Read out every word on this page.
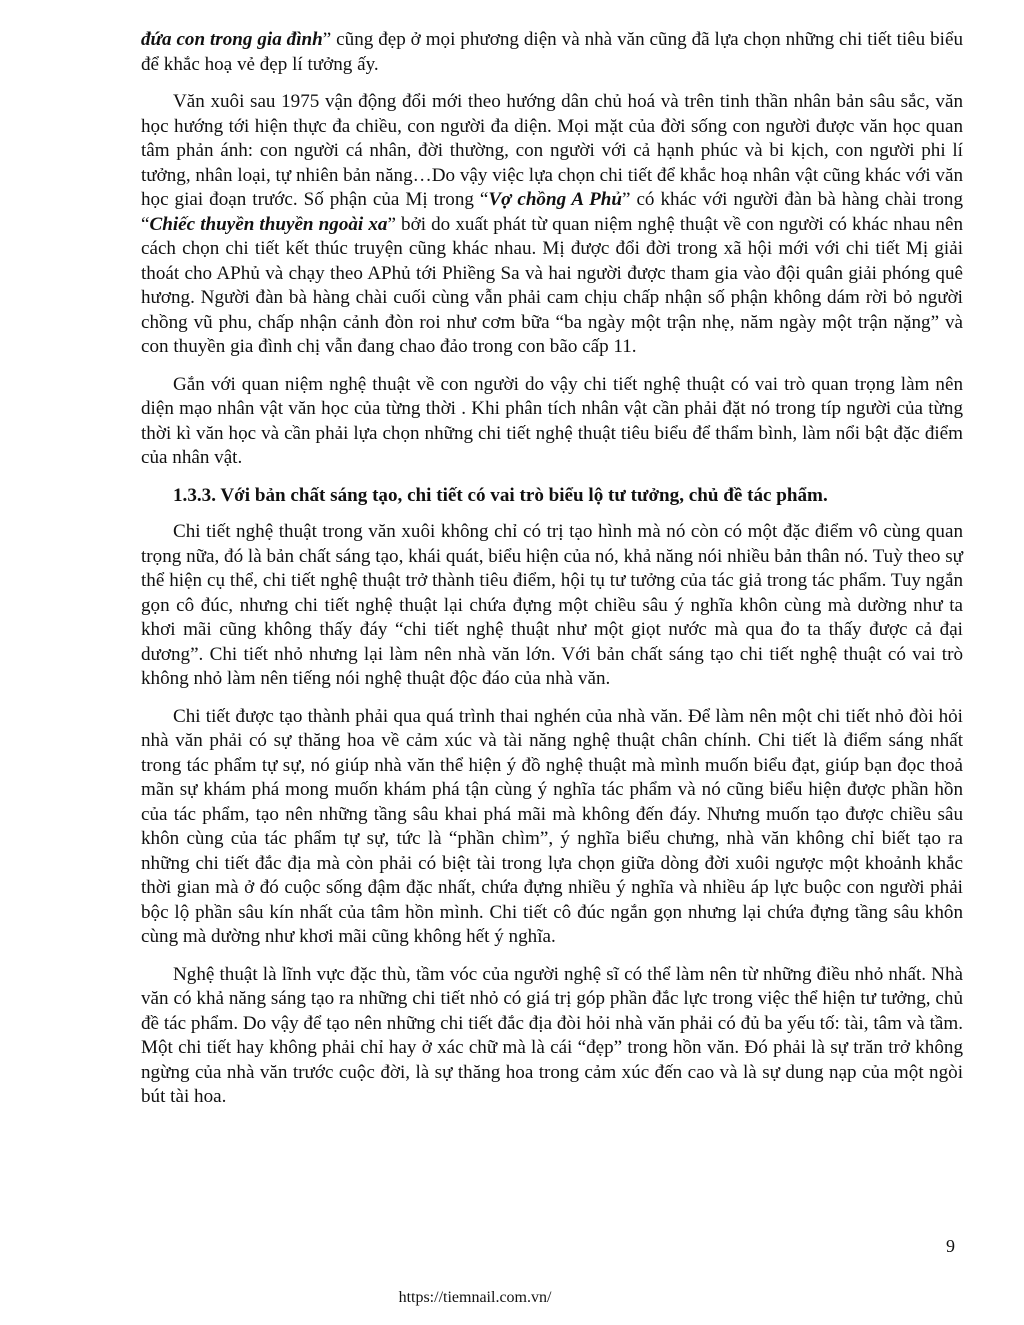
đứa con trong gia đình” cũng đẹp ở mọi phương diện và nhà văn cũng đã lựa chọn những chi tiết tiêu biểu để khắc hoạ vẻ đẹp lí tưởng ấy.

Văn xuôi sau 1975 vận động đổi mới theo hướng dân chủ hoá và trên tinh thần nhân bản sâu sắc, văn học hướng tới hiện thực đa chiều, con người đa diện. Mọi mặt của đời sống con người được văn học quan tâm phản ánh: con người cá nhân, đời thường, con người với cả hạnh phúc và bi kịch, con người phi lí tưởng, nhân loại, tự nhiên bản năng…Do vậy việc lựa chọn chi tiết để khắc hoạ nhân vật cũng khác với văn học giai đoạn trước. Số phận của Mị trong “Vợ chồng A Phủ” có khác với người đàn bà hàng chài trong “Chiếc thuyền thuyền ngoài xa” bởi do xuất phát từ quan niệm nghệ thuật về con người có khác nhau nên cách chọn chi tiết kết thúc truyện cũng khác nhau. Mị được đổi đời trong xã hội mới với chi tiết Mị giải thoát cho APhủ và chạy theo APhủ tới Phiềng Sa và hai người được tham gia vào đội quân giải phóng quê hương. Người đàn bà hàng chài cuối cùng vẫn phải cam chịu chấp nhận số phận không dám rời bỏ người chồng vũ phu, chấp nhận cảnh đòn roi như cơm bữa “ba ngày một trận nhẹ, năm ngày một trận nặng” và con thuyền gia đình chị vẫn đang chao đảo trong con bão cấp 11.

Gắn với quan niệm nghệ thuật về con người do vậy chi tiết nghệ thuật có vai trò quan trọng làm nên diện mạo nhân vật văn học của từng thời . Khi phân tích nhân vật cần phải đặt nó trong típ người của từng thời kì văn học và cần phải lựa chọn những chi tiết nghệ thuật tiêu biểu để thẩm bình, làm nổi bật đặc điểm của nhân vật.

1.3.3. Với bản chất sáng tạo, chi tiết có vai trò biểu lộ tư tưởng, chủ đề tác phẩm.

Chi tiết nghệ thuật trong văn xuôi không chỉ có trị tạo hình mà nó còn có một đặc điểm vô cùng quan trọng nữa, đó là bản chất sáng tạo, khái quát, biểu hiện của nó, khả năng nói nhiều bản thân nó. Tuỳ theo sự thể hiện cụ thể, chi tiết nghệ thuật trở thành tiêu điểm, hội tụ tư tưởng của tác giả trong tác phẩm. Tuy ngắn gọn cô đúc, nhưng chi tiết nghệ thuật lại chứa đựng một chiều sâu ý nghĩa khôn cùng mà dường như ta khơi mãi cũng không thấy đáy “chi tiết nghệ thuật như một giọt nước mà qua đo ta thấy được cả đại dương”. Chi tiết nhỏ nhưng lại làm nên nhà văn lớn. Với bản chất sáng tạo chi tiết nghệ thuật có vai trò không nhỏ làm nên tiếng nói nghệ thuật độc đáo của nhà văn.

Chi tiết được tạo thành phải qua quá trình thai nghén của nhà văn. Để làm nên một chi tiết nhỏ đòi hỏi nhà văn phải có sự thăng hoa về cảm xúc và tài năng nghệ thuật chân chính. Chi tiết là điểm sáng nhất trong tác phẩm tự sự, nó giúp nhà văn thể hiện ý đồ nghệ thuật mà mình muốn biểu đạt, giúp bạn đọc thoả mãn sự khám phá mong muốn khám phá tận cùng ý nghĩa tác phẩm và nó cũng biểu hiện được phần hồn của tác phẩm, tạo nên những tầng sâu khai phá mãi mà không đến đáy. Nhưng muốn tạo được chiều sâu khôn cùng của tác phẩm tự sự, tức là “phần chìm”, ý nghĩa biểu chưng, nhà văn không chỉ biết tạo ra những chi tiết đắc địa mà còn phải có biệt tài trong lựa chọn giữa dòng đời xuôi ngược một khoảnh khắc thời gian mà ở đó cuộc sống đậm đặc nhất, chứa đựng nhiều ý nghĩa và nhiều áp lực buộc con người phải bộc lộ phần sâu kín nhất của tâm hồn mình. Chi tiết cô đúc ngắn gọn nhưng lại chứa đựng tầng sâu khôn cùng mà dường như khơi mãi cũng không hết ý nghĩa.

Nghệ thuật là lĩnh vực đặc thù, tầm vóc của người nghệ sĩ có thể làm nên từ những điều nhỏ nhất. Nhà văn có khả năng sáng tạo ra những chi tiết nhỏ có giá trị góp phần đắc lực trong việc thể hiện tư tưởng, chủ đề tác phẩm. Do vậy để tạo nên những chi tiết đắc địa đòi hỏi nhà văn phải có đủ ba yếu tố: tài, tâm và tầm. Một chi tiết hay không phải chỉ hay ở xác chữ mà là cái “đẹp” trong hồn văn. Đó phải là sự trăn trở không ngừng của nhà văn trước cuộc đời, là sự thăng hoa trong cảm xúc đến cao và là sự dung nạp của một ngòi bút tài hoa.

9
https://tiemnail.com.vn/
